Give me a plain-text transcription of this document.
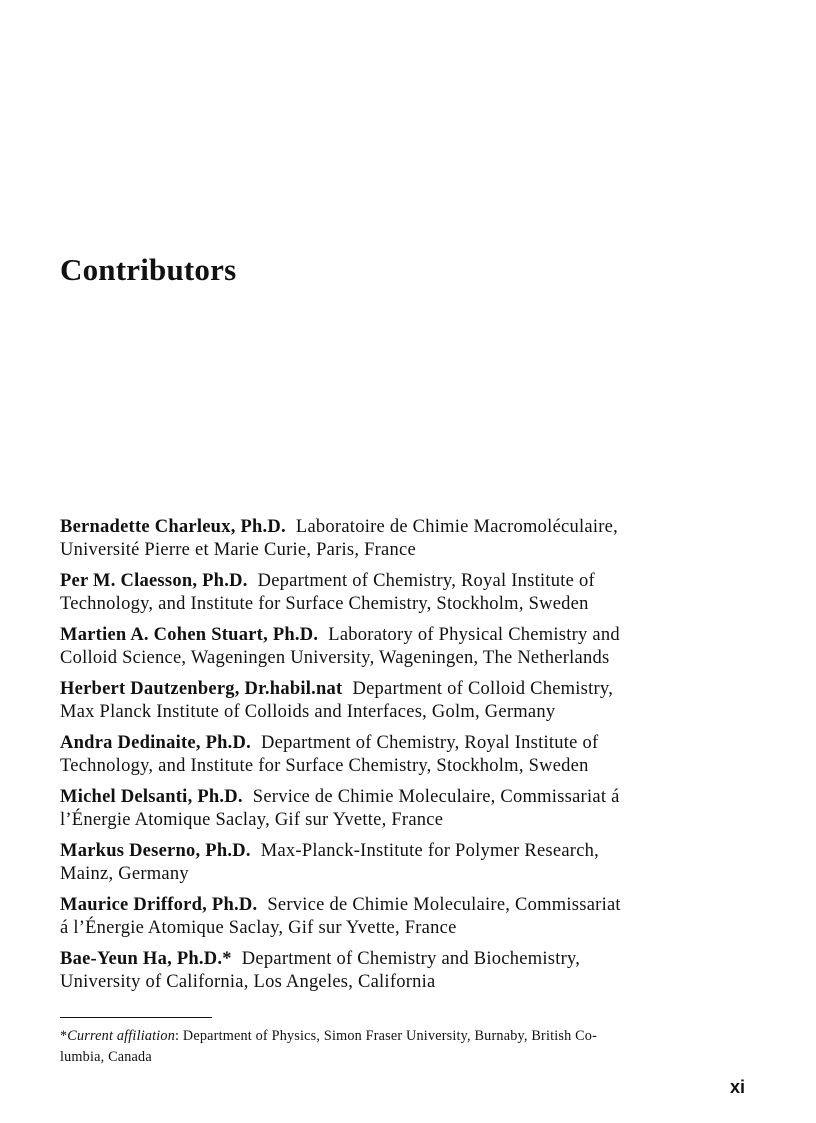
Contributors

Bernadette Charleux, Ph.D. Laboratoire de Chimie Macromoléculaire,
Université Pierre et Marie Curie, Paris, France

Per M. Claesson, Ph.D. Department of Chemistry, Royal Institute of
Technology, and Institute for Surface Chemistry, Stockholm, Sweden

Martien A. Cohen Stuart, Ph.D. Laboratory of Physical Chemistry and
Colloid Science, Wageningen University, Wageningen, The Netherlands

Herbert Dautzenberg, Dr.habil.nat Department of Colloid Chemistry,
Max Planck Institute of Colloids and Interfaces, Golm, Germany

Andra Dedinaite, Ph.D. Department of Chemistry, Royal Institute of
Technology, and Institute for Surface Chemistry, Stockholm, Sweden

Michel Delsanti, Ph.D. Service de Chimie Moleculaire, Commissariat á
l’Énergie Atomique Saclay, Gif sur Yvette, France

Markus Deserno, Ph.D. Max-Planck-Institute for Polymer Research,
Mainz, Germany

Maurice Drifford, Ph.D. Service de Chimie Moleculaire, Commissariat
á l’Énergie Atomique Saclay, Gif sur Yvette, France

Bae-Yeun Ha, Ph.D.* Department of Chemistry and Biochemistry,
University of California, Los Angeles, California

*Current affiliation: Department of Physics, Simon Fraser University, Burnaby, British Co-
lumbia, Canada

xi
